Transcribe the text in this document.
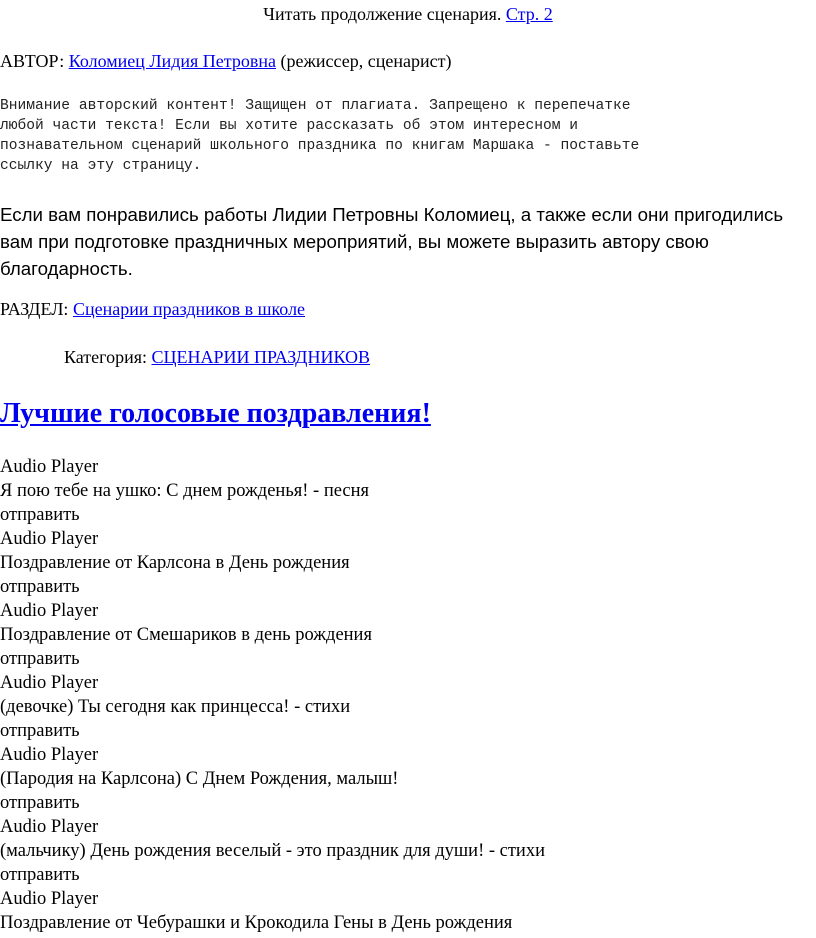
Читать продолжение сценария. Стр. 2
АВТОР: Коломиец Лидия Петровна (режиссер, сценарист)
Внимание авторский контент! Защищен от плагиата. Запрещено к перепечатке
любой части текста! Если вы хотите рассказать об этом интересном и
познавательном сценарий школьного праздника по книгам Маршака - поставьте
ссылку на эту страницу.
Если вам понравились работы Лидии Петровны Коломиец, а также если они пригодились
вам при подготовке праздничных мероприятий, вы можете выразить автору свою
благодарность.
РАЗДЕЛ: Сценарии праздников в школе
Категория: СЦЕНАРИИ ПРАЗДНИКОВ
Лучшие голосовые поздравления!
Audio Player
Я пою тебе на ушко: С днем рожденья! - песня
отправить
Audio Player
Поздравление от Карлсона в День рождения
отправить
Audio Player
Поздравление от Смешариков в день рождения
отправить
Audio Player
(девочке) Ты сегодня как принцесса! - стихи
отправить
Audio Player
(Пародия на Карлсона) С Днем Рождения, малыш!
отправить
Audio Player
(мальчику) День рождения веселый - это праздник для души! - стихи
отправить
Audio Player
Поздравление от Чебурашки и Крокодила Гены в День рождения
